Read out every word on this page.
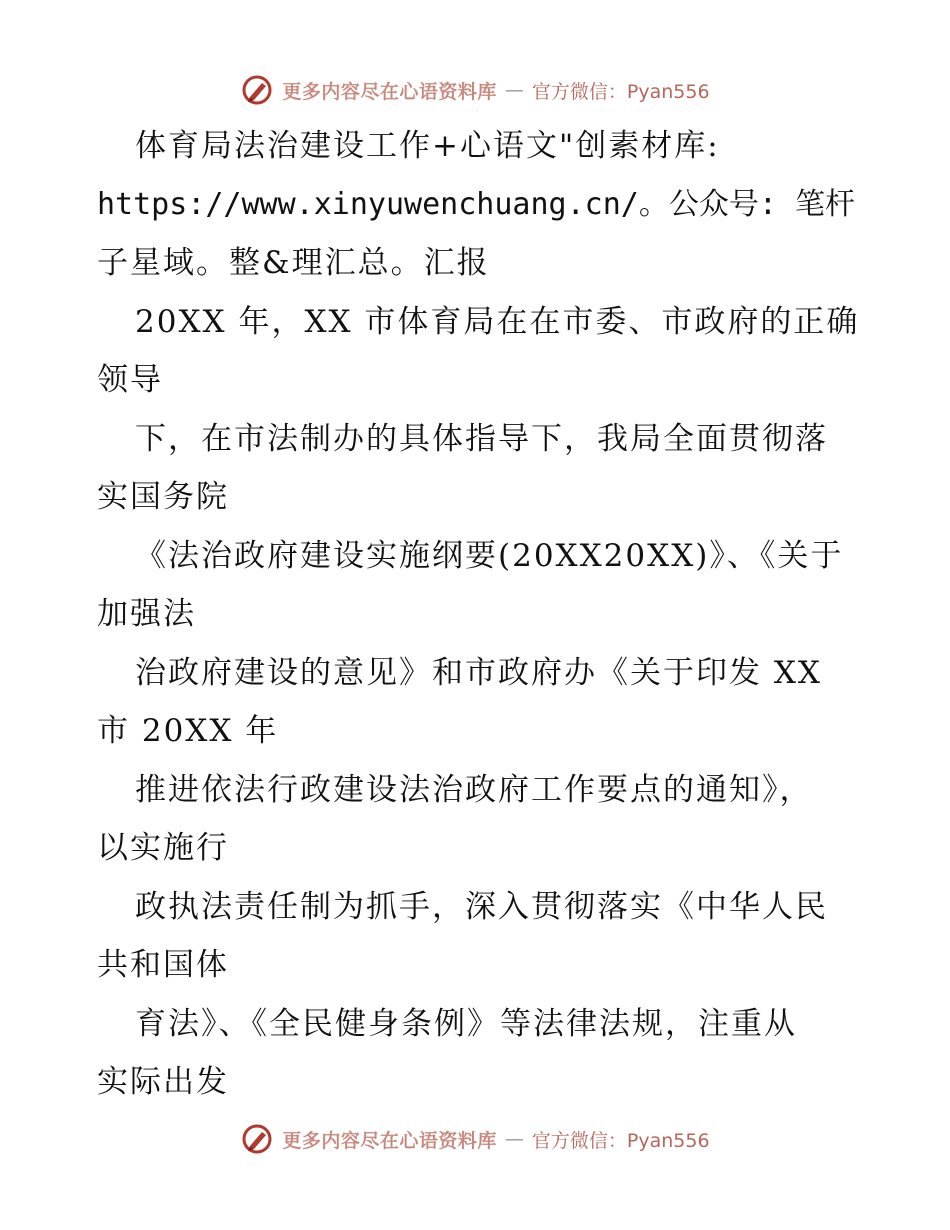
更多内容尽在心语资料库 — 官方微信：Pyan556
体育局法治建设工作+心语文"创素材库:
https://www.xinyuwenchuang.cn/。公众号: 笔杆
子星域。整&理汇总。汇报
20XX 年，XX 市体育局在在市委、市政府的正确
领导
下，在市法制办的具体指导下，我局全面贯彻落
实国务院
《法治政府建设实施纲要(20XX20XX)》、《关于
加强法
治政府建设的意见》和市政府办《关于印发 XX
市 20XX 年
推进依法行政建设法治政府工作要点的通知》，
以实施行
政执法责任制为抓手，深入贯彻落实《中华人民
共和国体
育法》、《全民健身条例》等法律法规，注重从
实际出发
更多内容尽在心语资料库 — 官方微信：Pyan556
